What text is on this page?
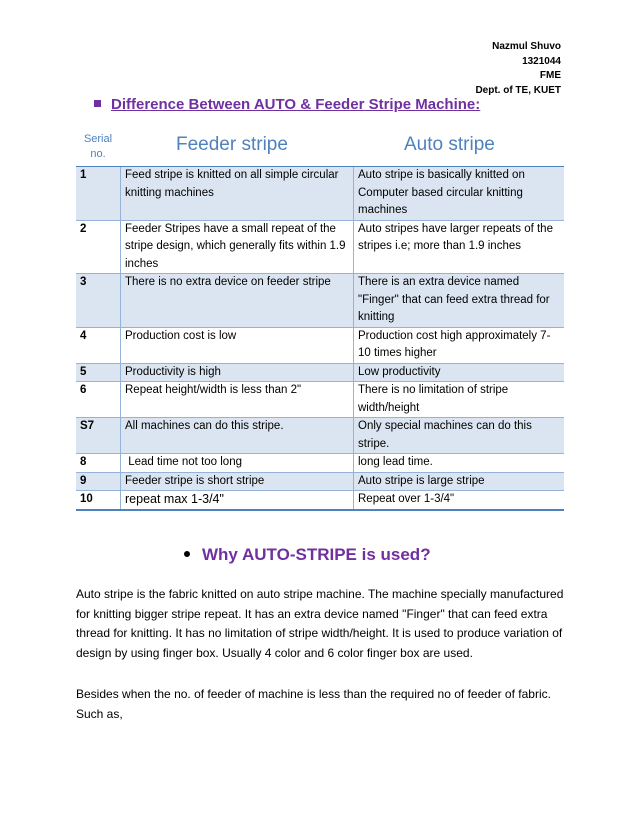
Nazmul Shuvo
1321044
FME
Dept. of TE, KUET
Difference Between AUTO & Feeder Stripe Machine:
Serial no.	Feeder stripe	Auto stripe
1	Feed stripe is knitted on all simple circular knitting machines	Auto stripe is basically knitted on Computer based circular knitting machines
2	Feeder Stripes have a small repeat of the stripe design, which generally fits within 1.9 inches	Auto stripes have larger repeats of the stripes i.e; more than 1.9 inches
3	There is no extra device on feeder stripe	There is an extra device named "Finger" that can feed extra thread for knitting
4	Production cost is low	Production cost high approximately 7-10 times higher
5	Productivity is high	Low productivity
6	Repeat height/width is less than 2"	There is no limitation of stripe width/height
S7	All machines can do this stripe.	Only special machines can do this stripe.
8	Lead time not too long	long lead time.
9	Feeder stripe is short stripe	Auto stripe is large stripe
10	repeat max 1-3/4"	Repeat over 1-3/4"
Why AUTO-STRIPE is used?
Auto stripe is the fabric knitted on auto stripe machine. The machine specially manufactured for knitting bigger stripe repeat. It has an extra device named "Finger" that can feed extra thread for knitting. It has no limitation of stripe width/height. It is used to produce variation of design by using finger box. Usually 4 color and 6 color finger box are used.
Besides when the no. of feeder of machine is less than the required no of feeder of fabric. Such as,
